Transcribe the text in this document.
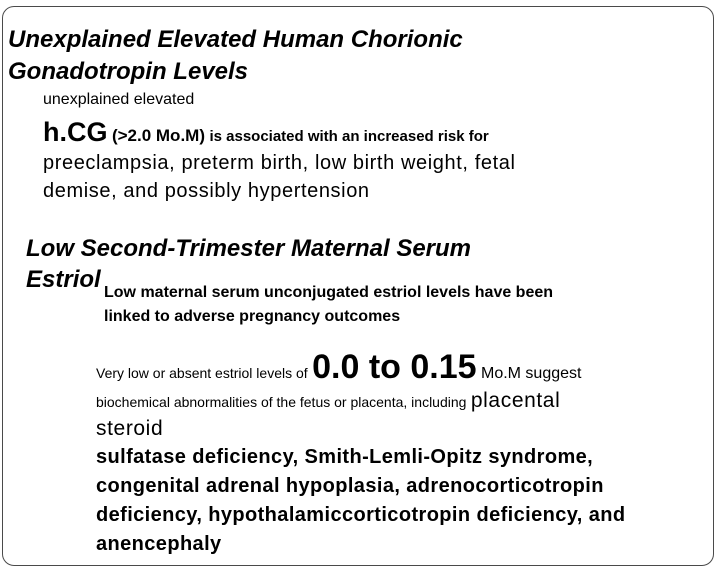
Unexplained Elevated Human Chorionic
Gonadotropin Levels
unexplained elevated
h.CG (>2.0 Mo.M) is associated with an increased risk for
preeclampsia, preterm birth, low birth weight, fetal
demise, and possibly hypertension
Low Second-Trimester Maternal Serum
Estriol Low maternal serum unconjugated estriol levels have been
linked to adverse pregnancy outcomes
Very low or absent estriol levels of 0.0 to 0.15 Mo.M suggest
biochemical abnormalities of the fetus or placenta, including placental
steroid
sulfatase deficiency, Smith-Lemli-Opitz syndrome,
congenital adrenal hypoplasia, adrenocorticotropin
deficiency, hypothalamiccorticotropin deficiency, and
anencephaly
